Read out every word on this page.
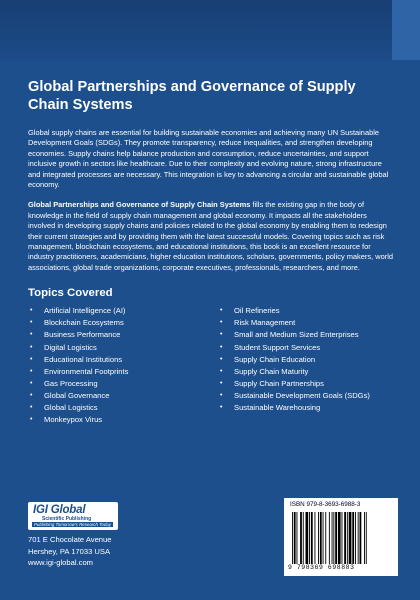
Global Partnerships and Governance of Supply Chain Systems

Global supply chains are essential for building sustainable economies and achieving many UN Sustainable Development Goals (SDGs). They promote transparency, reduce inequalities, and strengthen developing economies. Supply chains help balance production and consumption, reduce uncertainties, and support inclusive growth in sectors like healthcare. Due to their complexity and evolving nature, strong infrastructure and integrated processes are necessary. This integration is key to advancing a circular and sustainable global economy.

Global Partnerships and Governance of Supply Chain Systems fills the existing gap in the body of knowledge in the field of supply chain management and global economy. It impacts all the stakeholders involved in developing supply chains and policies related to the global economy by enabling them to redesign their current strategies and by providing them with the latest successful models. Covering topics such as risk management, blockchain ecosystems, and educational institutions, this book is an excellent resource for industry practitioners, academicians, higher education institutions, scholars, governments, policy makers, world associations, global trade organizations, corporate executives, professionals, researchers, and more.

Topics Covered
• Artificial Intelligence (AI)
• Blockchain Ecosystems
• Business Performance
• Digital Logistics
• Educational Institutions
• Environmental Footprints
• Gas Processing
• Global Governance
• Global Logistics
• Monkeypox Virus
• Oil Refineries
• Risk Management
• Small and Medium Sized Enterprises
• Student Support Services
• Supply Chain Education
• Supply Chain Maturity
• Supply Chain Partnerships
• Sustainable Development Goals (SDGs)
• Sustainable Warehousing
IGI Global
Scientific Publishing
Publishing Tomorrow's Research Today
701 E Chocolate Avenue
Hershey, PA 17033 USA
www.igi-global.com
ISBN 979-8-3693-6988-3
9 798369 698883
